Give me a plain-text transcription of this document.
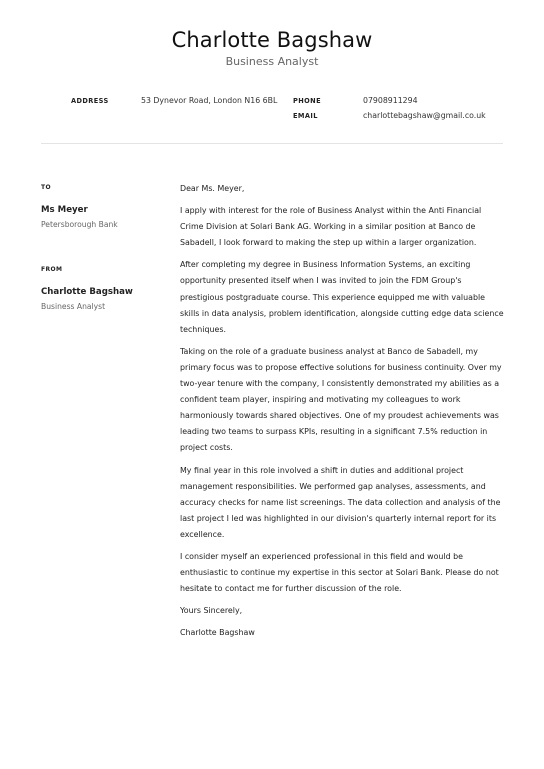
Charlotte Bagshaw
Business Analyst
ADDRESS	53 Dynevor Road, London N16 6BL PHONE	07908911294
EMAIL	charlottebagshaw@gmail.co.uk
TO
Ms Meyer
Petersborough Bank
FROM
Charlotte Bagshaw
Business Analyst

Dear Ms. Meyer,

I apply with interest for the role of Business Analyst within the Anti Financial Crime Division at Solari Bank AG. Working in a similar position at Banco de Sabadell, I look forward to making the step up within a larger organization.

After completing my degree in Business Information Systems, an exciting opportunity presented itself when I was invited to join the FDM Group's prestigious postgraduate course. This experience equipped me with valuable skills in data analysis, problem identification, alongside cutting edge data science techniques.

Taking on the role of a graduate business analyst at Banco de Sabadell, my primary focus was to propose effective solutions for business continuity. Over my two-year tenure with the company, I consistently demonstrated my abilities as a confident team player, inspiring and motivating my colleagues to work harmoniously towards shared objectives. One of my proudest achievements was leading two teams to surpass KPIs, resulting in a significant 7.5% reduction in project costs.

My final year in this role involved a shift in duties and additional project management responsibilities. We performed gap analyses, assessments, and accuracy checks for name list screenings. The data collection and analysis of the last project I led was highlighted in our division's quarterly internal report for its excellence.

I consider myself an experienced professional in this field and would be enthusiastic to continue my expertise in this sector at Solari Bank. Please do not hesitate to contact me for further discussion of the role.

Yours Sincerely,

Charlotte Bagshaw
